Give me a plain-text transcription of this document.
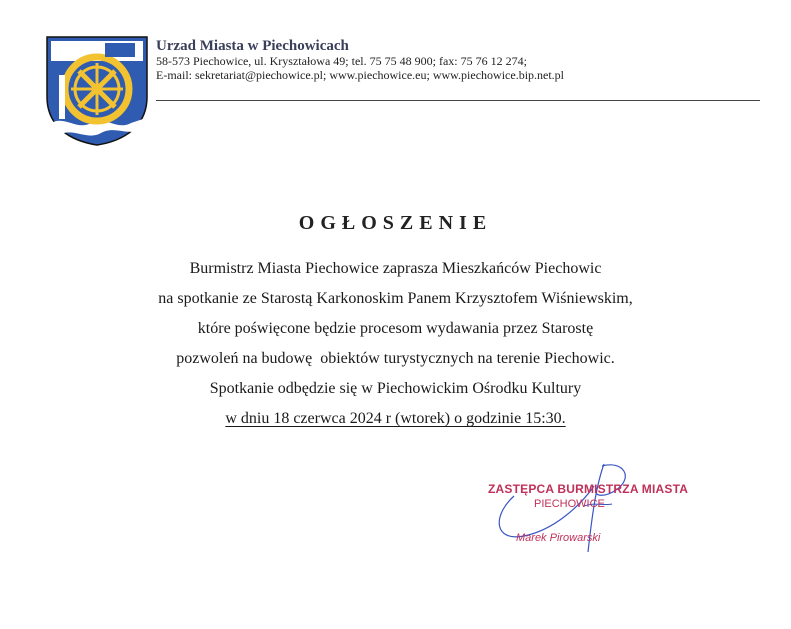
Urzad Miasta w Piechowicach
58-573 Piechowice, ul. Kryształowa 49; tel. 75 75 48 900; fax: 75 76 12 274;
E-mail: sekretariat@piechowice.pl; www.piechowice.eu; www.piechowice.bip.net.pl
OGŁOSZENIE
Burmistrz Miasta Piechowice zaprasza Mieszkańców Piechowic
na spotkanie ze Starostą Karkonoskim Panem Krzysztofem Wiśniewskim,
które poświęcone będzie procesom wydawania przez Starostę
pozwoleń na budowę  obiektów turystycznych na terenie Piechowic.
Spotkanie odbędzie się w Piechowickim Ośrodku Kultury
w dniu 18 czerwca 2024 r (wtorek) o godzinie 15:30.
ZASTĘPCA BURMISTRZA MIASTA
PIECHOWICE
Marek Pirowarski
